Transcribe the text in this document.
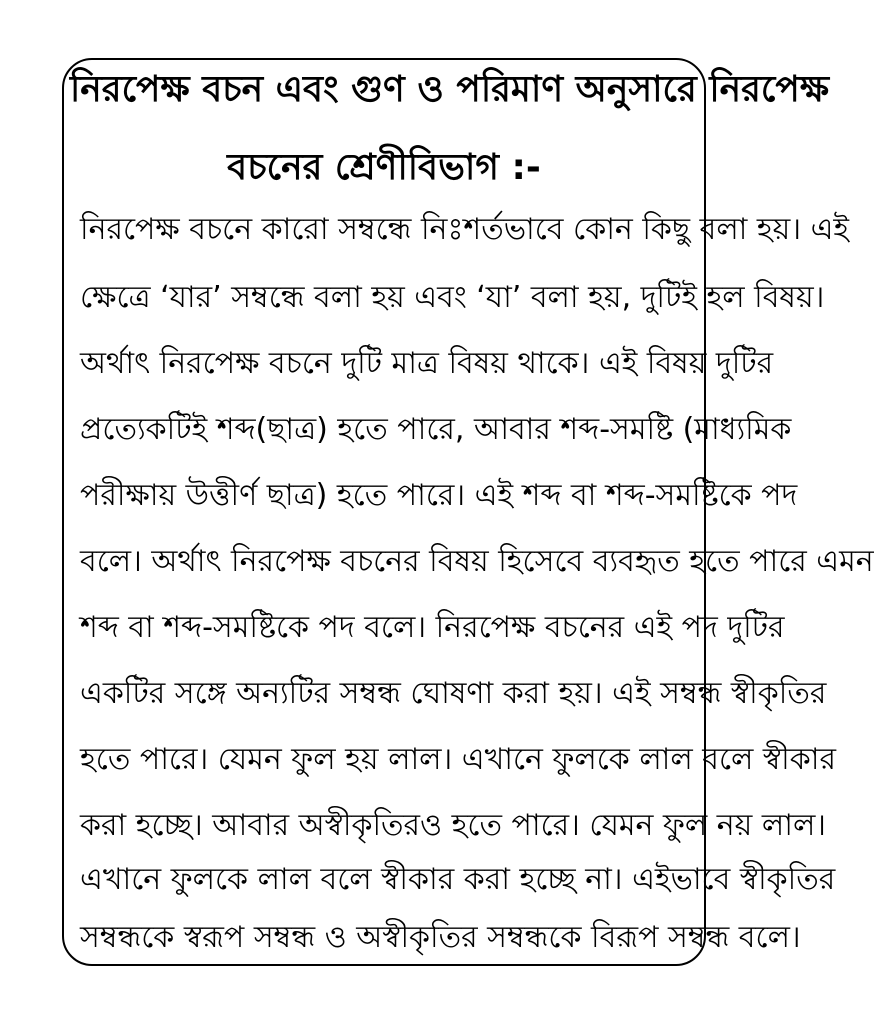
নিরপেক্ষ বচন এবং গুণ ও পরিমাণ অনুসারে নিরপেক্ষ
বচনের শ্রেণীবিভাগ :-
নিরপেক্ষ বচনে কারো সম্বন্ধে নিঃশর্তভাবে কোন কিছু বলা হয়। এই
ক্ষেত্রে ‘যার’ সম্বন্ধে বলা হয় এবং ‘যা’ বলা হয়, দুটিই হল বিষয়।
অর্থাৎ নিরপেক্ষ বচনে দুটি মাত্র বিষয় থাকে। এই বিষয় দুটির
প্রত্যেকটিই শব্দ(ছাত্র) হতে পারে, আবার শব্দ-সমষ্টি (মাধ্যমিক
পরীক্ষায় উত্তীর্ণ ছাত্র) হতে পারে। এই শব্দ বা শব্দ-সমষ্টিকে পদ
বলে। অর্থাৎ নিরপেক্ষ বচনের বিষয় হিসেবে ব্যবহৃত হতে পারে এমন
শব্দ বা শব্দ-সমষ্টিকে পদ বলে। নিরপেক্ষ বচনের এই পদ দুটির
একটির সঙ্গে অন্যটির সম্বন্ধ ঘোষণা করা হয়। এই সম্বন্ধ স্বীকৃতির
হতে পারে। যেমন ফুল হয় লাল। এখানে ফুলকে লাল বলে স্বীকার
করা হচ্ছে। আবার অস্বীকৃতিরও হতে পারে। যেমন ফুল নয় লাল।
এখানে ফুলকে লাল বলে স্বীকার করা হচ্ছে না। এইভাবে স্বীকৃতির
সম্বন্ধকে স্বরূপ সম্বন্ধ ও অস্বীকৃতির সম্বন্ধকে বিরূপ সম্বন্ধ বলে।
